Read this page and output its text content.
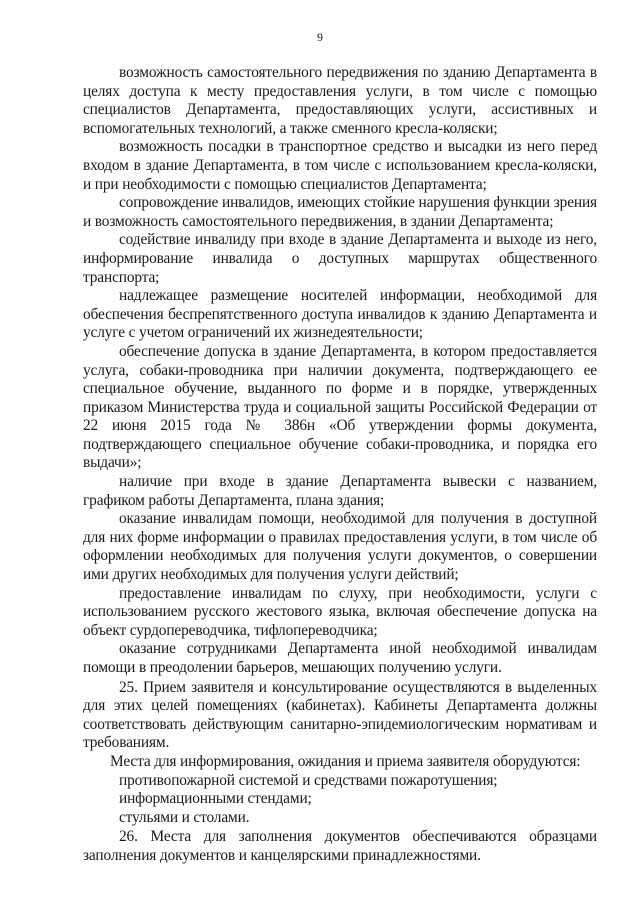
9

возможность самостоятельного передвижения по зданию Департамента в целях доступа к месту предоставления услуги, в том числе с помощью специалистов Департамента, предоставляющих услуги, ассистивных и вспомогательных технологий, а также сменного кресла-коляски;

возможность посадки в транспортное средство и высадки из него перед входом в здание Департамента, в том числе с использованием кресла-коляски, и при необходимости с помощью специалистов Департамента;

сопровождение инвалидов, имеющих стойкие нарушения функции зрения и возможность самостоятельного передвижения, в здании Департамента;

содействие инвалиду при входе в здание Департамента и выходе из него, информирование инвалида о доступных маршрутах общественного транспорта;

надлежащее размещение носителей информации, необходимой для обеспечения беспрепятственного доступа инвалидов к зданию Департамента и услуге с учетом ограничений их жизнедеятельности;

обеспечение допуска в здание Департамента, в котором предоставляется услуга, собаки-проводника при наличии документа, подтверждающего ее специальное обучение, выданного по форме и в порядке, утвержденных приказом Министерства труда и социальной защиты Российской Федерации от 22 июня 2015 года № 386н «Об утверждении формы документа, подтверждающего специальное обучение собаки-проводника, и порядка его выдачи»;

наличие при входе в здание Департамента вывески с названием, графиком работы Департамента, плана здания;

оказание инвалидам помощи, необходимой для получения в доступной для них форме информации о правилах предоставления услуги, в том числе об оформлении необходимых для получения услуги документов, о совершении ими других необходимых для получения услуги действий;

предоставление инвалидам по слуху, при необходимости, услуги с использованием русского жестового языка, включая обеспечение допуска на объект сурдопереводчика, тифлопереводчика;

оказание сотрудниками Департамента иной необходимой инвалидам помощи в преодолении барьеров, мешающих получению услуги.

25. Прием заявителя и консультирование осуществляются в выделенных для этих целей помещениях (кабинетах). Кабинеты Департамента должны соответствовать действующим санитарно-эпидемиологическим нормативам и требованиям.

Места для информирования, ожидания и приема заявителя оборудуются:

противопожарной системой и средствами пожаротушения;

информационными стендами;

стульями и столами.

26. Места для заполнения документов обеспечиваются образцами заполнения документов и канцелярскими принадлежностями.
